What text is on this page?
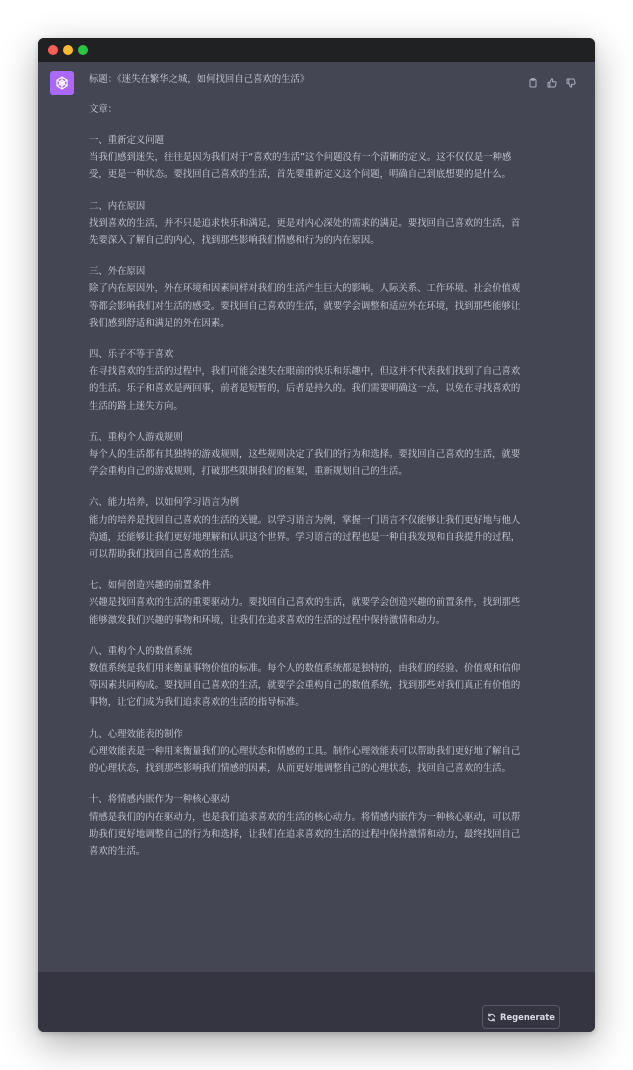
标题：《迷失在繁华之城，如何找回自己喜欢的生活》
文章：
一、重新定义问题
当我们感到迷失，往往是因为我们对于“喜欢的生活”这个问题没有一个清晰的定义。这不仅仅是一种感受，更是一种状态。要找回自己喜欢的生活，首先要重新定义这个问题，明确自己到底想要的是什么。
二、内在原因
找到喜欢的生活，并不只是追求快乐和满足，更是对内心深处的需求的满足。要找回自己喜欢的生活，首先要深入了解自己的内心，找到那些影响我们情感和行为的内在原因。
三、外在原因
除了内在原因外，外在环境和因素同样对我们的生活产生巨大的影响。人际关系、工作环境、社会价值观等都会影响我们对生活的感受。要找回自己喜欢的生活，就要学会调整和适应外在环境，找到那些能够让我们感到舒适和满足的外在因素。
四、乐子不等于喜欢
在寻找喜欢的生活的过程中，我们可能会迷失在眼前的快乐和乐趣中，但这并不代表我们找到了自己喜欢的生活。乐子和喜欢是两回事，前者是短暂的，后者是持久的。我们需要明确这一点，以免在寻找喜欢的生活的路上迷失方向。
五、重构个人游戏规则
每个人的生活都有其独特的游戏规则，这些规则决定了我们的行为和选择。要找回自己喜欢的生活，就要学会重构自己的游戏规则，打破那些限制我们的框架，重新规划自己的生活。
六、能力培养，以如何学习语言为例
能力的培养是找回自己喜欢的生活的关键。以学习语言为例，掌握一门语言不仅能够让我们更好地与他人沟通，还能够让我们更好地理解和认识这个世界。学习语言的过程也是一种自我发现和自我提升的过程，可以帮助我们找回自己喜欢的生活。
七、如何创造兴趣的前置条件
兴趣是找回喜欢的生活的重要驱动力。要找回自己喜欢的生活，就要学会创造兴趣的前置条件，找到那些能够激发我们兴趣的事物和环境，让我们在追求喜欢的生活的过程中保持激情和动力。
八、重构个人的数值系统
数值系统是我们用来衡量事物价值的标准。每个人的数值系统都是独特的，由我们的经验、价值观和信仰等因素共同构成。要找回自己喜欢的生活，就要学会重构自己的数值系统，找到那些对我们真正有价值的事物，让它们成为我们追求喜欢的生活的指导标准。
九、心理效能表的制作
心理效能表是一种用来衡量我们的心理状态和情感的工具。制作心理效能表可以帮助我们更好地了解自己的心理状态，找到那些影响我们情感的因素，从而更好地调整自己的心理状态，找回自己喜欢的生活。
十、将情感内嵌作为一种核心驱动
情感是我们的内在驱动力，也是我们追求喜欢的生活的核心动力。将情感内嵌作为一种核心驱动，可以帮助我们更好地调整自己的行为和选择，让我们在追求喜欢的生活的过程中保持激情和动力，最终找回自己喜欢的生活。
Regenerate
